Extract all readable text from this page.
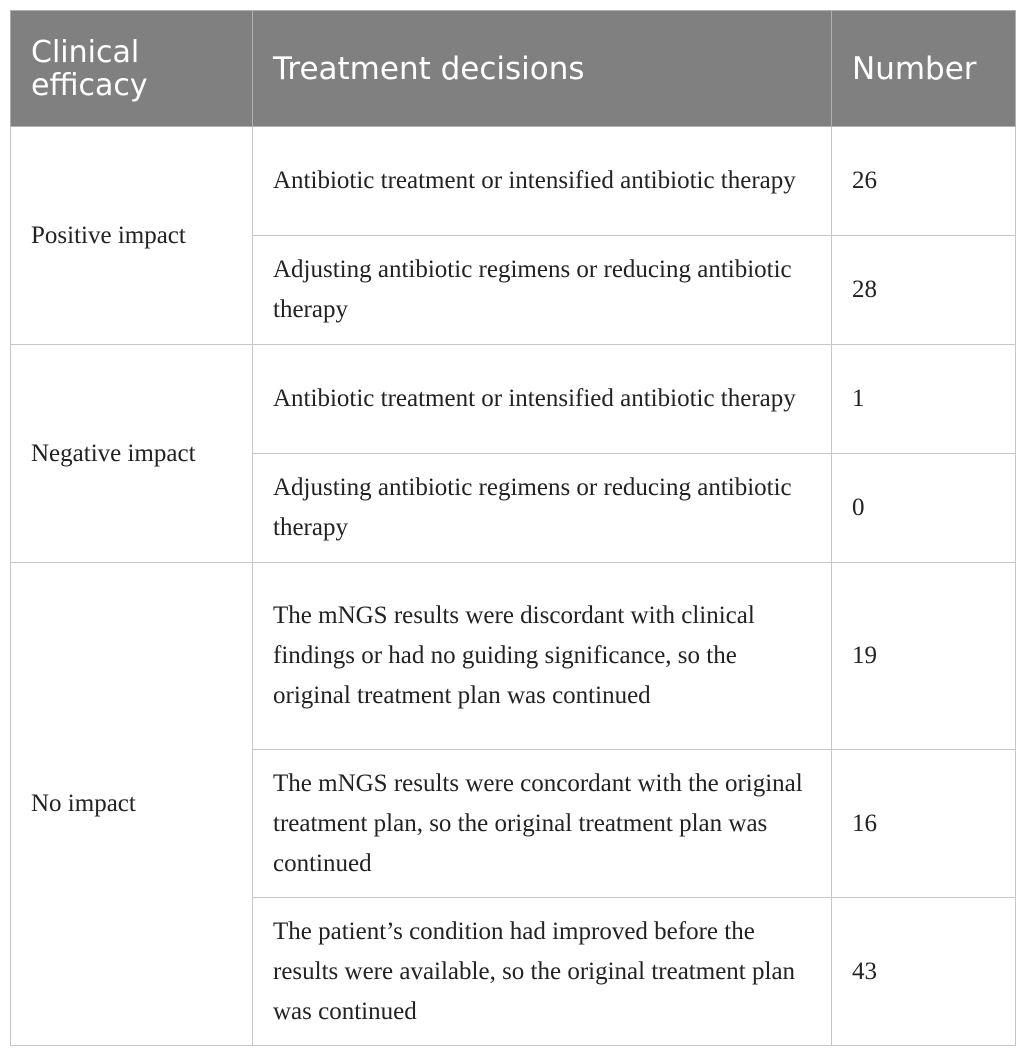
Clinical efficacy	Treatment decisions	Number
Positive impact	Antibiotic treatment or intensified antibiotic therapy	26
	Adjusting antibiotic regimens or reducing antibiotic therapy	28
Negative impact	Antibiotic treatment or intensified antibiotic therapy	1
	Adjusting antibiotic regimens or reducing antibiotic therapy	0
No impact	The mNGS results were discordant with clinical findings or had no guiding significance, so the original treatment plan was continued	19
	The mNGS results were concordant with the original treatment plan, so the original treatment plan was continued	16
	The patient’s condition had improved before the results were available, so the original treatment plan was continued	43
